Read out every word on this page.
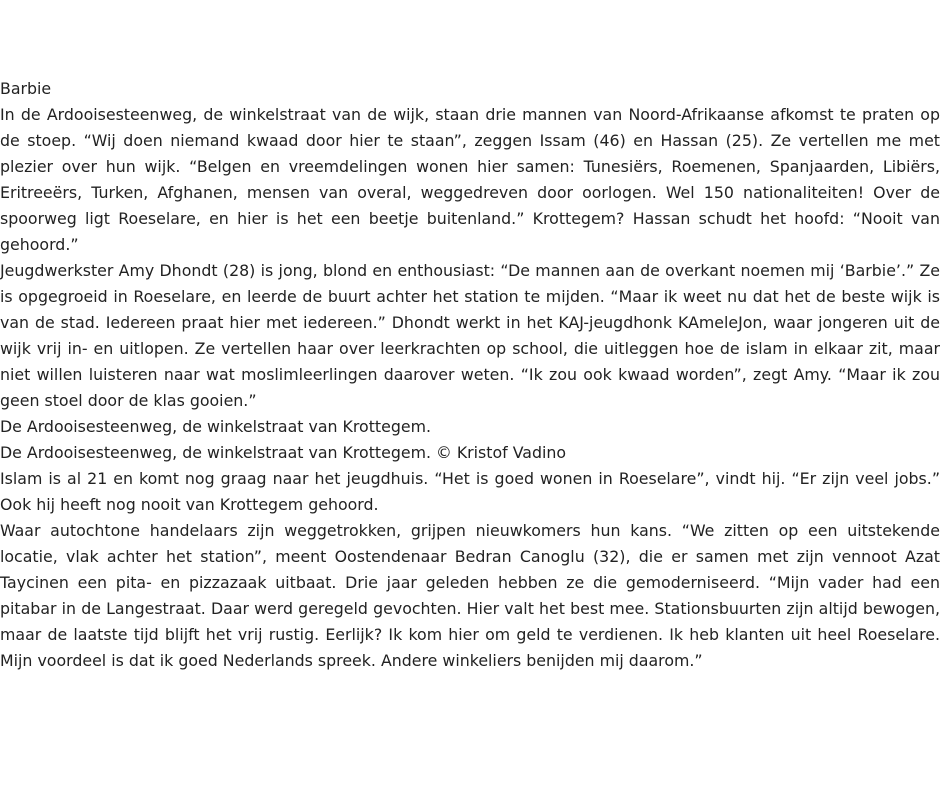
Barbie

In de Ardooisesteenweg, de winkelstraat van de wijk, staan drie mannen van Noord-Afrikaanse afkomst te praten op de stoep. “Wij doen niemand kwaad door hier te staan”, zeggen Issam (46) en Hassan (25). Ze vertellen me met plezier over hun wijk. “Belgen en vreemdelingen wonen hier samen: Tunesiërs, Roemenen, Spanjaarden, Libiërs, Eritreeërs, Turken, Afghanen, mensen van overal, weggedreven door oorlogen. Wel 150 nationaliteiten! Over de spoorweg ligt Roeselare, en hier is het een beetje buitenland.” Krottegem? Hassan schudt het hoofd: “Nooit van gehoord.”

Jeugdwerkster Amy Dhondt (28) is jong, blond en enthousiast: “De mannen aan de overkant noemen mij ‘Barbie’.” Ze is opgegroeid in Roeselare, en leerde de buurt achter het station te mijden. “Maar ik weet nu dat het de beste wijk is van de stad. Iedereen praat hier met iedereen.” Dhondt werkt in het KAJ-jeugdhonk KAmeleJon, waar jongeren uit de wijk vrij in- en uitlopen. Ze vertellen haar over leerkrachten op school, die uitleggen hoe de islam in elkaar zit, maar niet willen luisteren naar wat moslimleerlingen daarover weten. “Ik zou ook kwaad worden”, zegt Amy. “Maar ik zou geen stoel door de klas gooien.”

De Ardooisesteenweg, de winkelstraat van Krottegem.

De Ardooisesteenweg, de winkelstraat van Krottegem. © Kristof Vadino

Islam is al 21 en komt nog graag naar het jeugdhuis. “Het is goed wonen in Roeselare”, vindt hij. “Er zijn veel jobs.” Ook hij heeft nog nooit van Krottegem gehoord.

Waar autochtone handelaars zijn weggetrokken, grijpen nieuwkomers hun kans. “We zitten op een uitstekende locatie, vlak achter het station”, meent Oostendenaar Bedran Canoglu (32), die er samen met zijn vennoot Azat Taycinen een pita- en pizzazaak uitbaat. Drie jaar geleden hebben ze die gemoderniseerd. “Mijn vader had een pitabar in de Langestraat. Daar werd geregeld gevochten. Hier valt het best mee. Stationsbuurten zijn altijd bewogen, maar de laatste tijd blijft het vrij rustig. Eerlijk? Ik kom hier om geld te verdienen. Ik heb klanten uit heel Roeselare. Mijn voordeel is dat ik goed Nederlands spreek. Andere winkeliers benijden mij daarom.”
